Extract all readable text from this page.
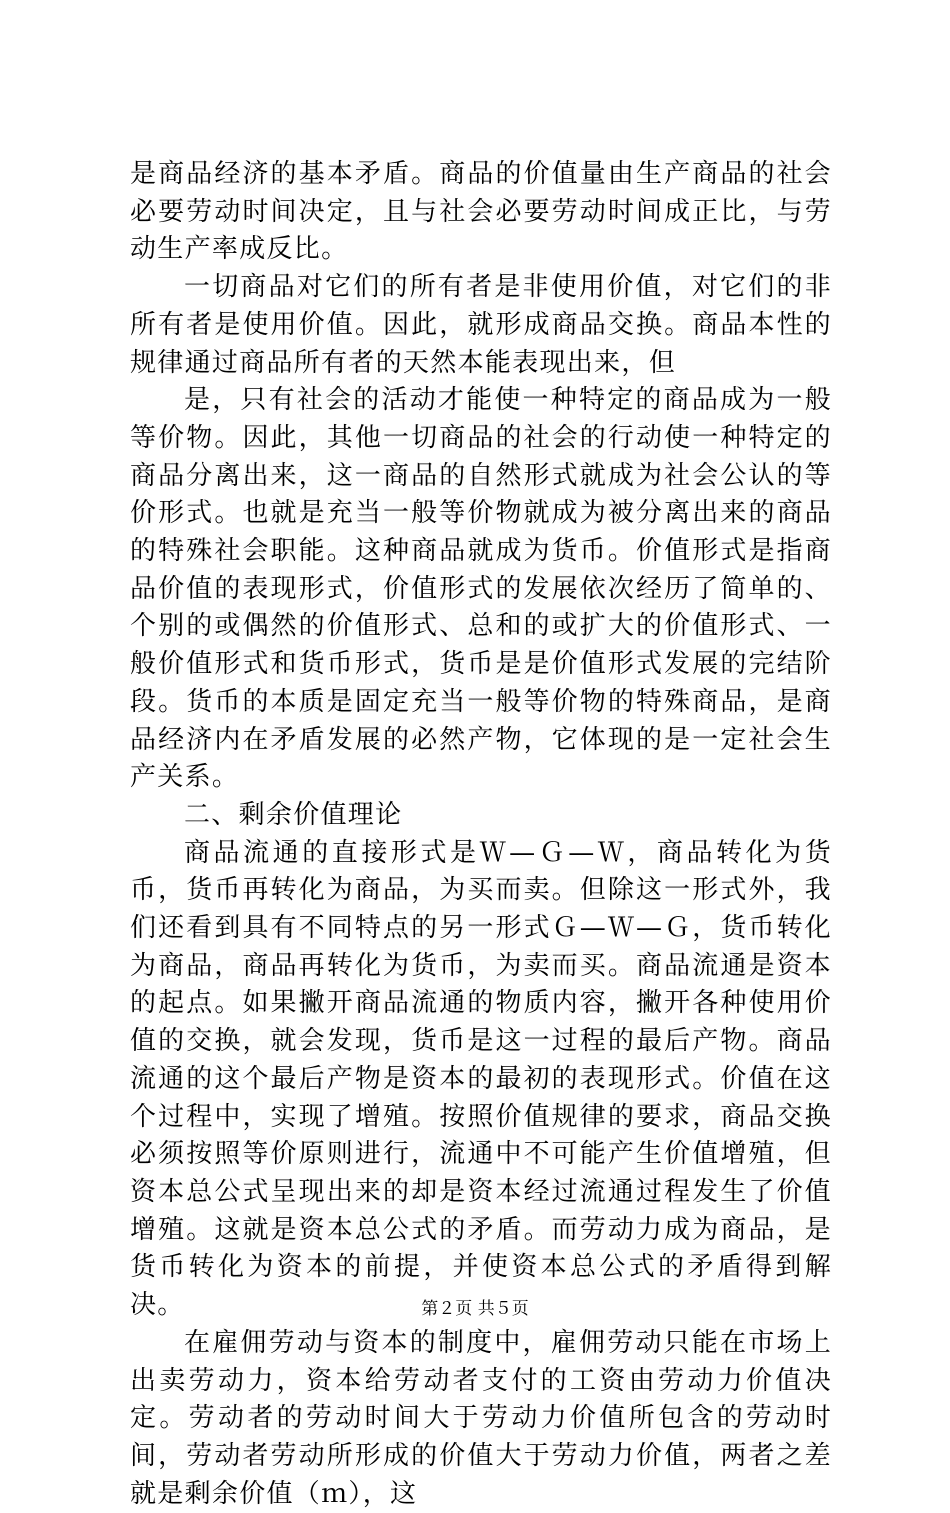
是商品经济的基本矛盾。商品的价值量由生产商品的社会必要劳动时间决定，且与社会必要劳动时间成正比，与劳动生产率成反比。

一切商品对它们的所有者是非使用价值，对它们的非所有者是使用价值。因此，就形成商品交换。商品本性的规律通过商品所有者的天然本能表现出来，但

是，只有社会的活动才能使一种特定的商品成为一般等价物。因此，其他一切商品的社会的行动使一种特定的商品分离出来，这一商品的自然形式就成为社会公认的等价形式。也就是充当一般等价物就成为被分离出来的商品的特殊社会职能。这种商品就成为货币。价值形式是指商品价值的表现形式，价值形式的发展依次经历了简单的、个别的或偶然的价值形式、总和的或扩大的价值形式、一般价值形式和货币形式，货币是是价值形式发展的完结阶段。货币的本质是固定充当一般等价物的特殊商品，是商品经济内在矛盾发展的必然产物，它体现的是一定社会生产关系。

二、剩余价值理论

商品流通的直接形式是Ｗ—Ｇ—Ｗ，商品转化为货币，货币再转化为商品，为买而卖。但除这一形式外，我们还看到具有不同特点的另一形式Ｇ—Ｗ—Ｇ，货币转化为商品，商品再转化为货币，为卖而买。商品流通是资本的起点。如果撇开商品流通的物质内容，撇开各种使用价值的交换，就会发现，货币是这一过程的最后产物。商品流通的这个最后产物是资本的最初的表现形式。价值在这个过程中，实现了增殖。按照价值规律的要求，商品交换必须按照等价原则进行，流通中不可能产生价值增殖，但资本总公式呈现出来的却是资本经过流通过程发生了价值增殖。这就是资本总公式的矛盾。而劳动力成为商品，是货币转化为资本的前提，并使资本总公式的矛盾得到解决。

在雇佣劳动与资本的制度中，雇佣劳动只能在市场上出卖劳动力，资本给劳动者支付的工资由劳动力价值决定。劳动者的劳动时间大于劳动力价值所包含的劳动时间，劳动者劳动所形成的价值大于劳动力价值，两者之差就是剩余价值（ｍ），这

第２页 共５页
